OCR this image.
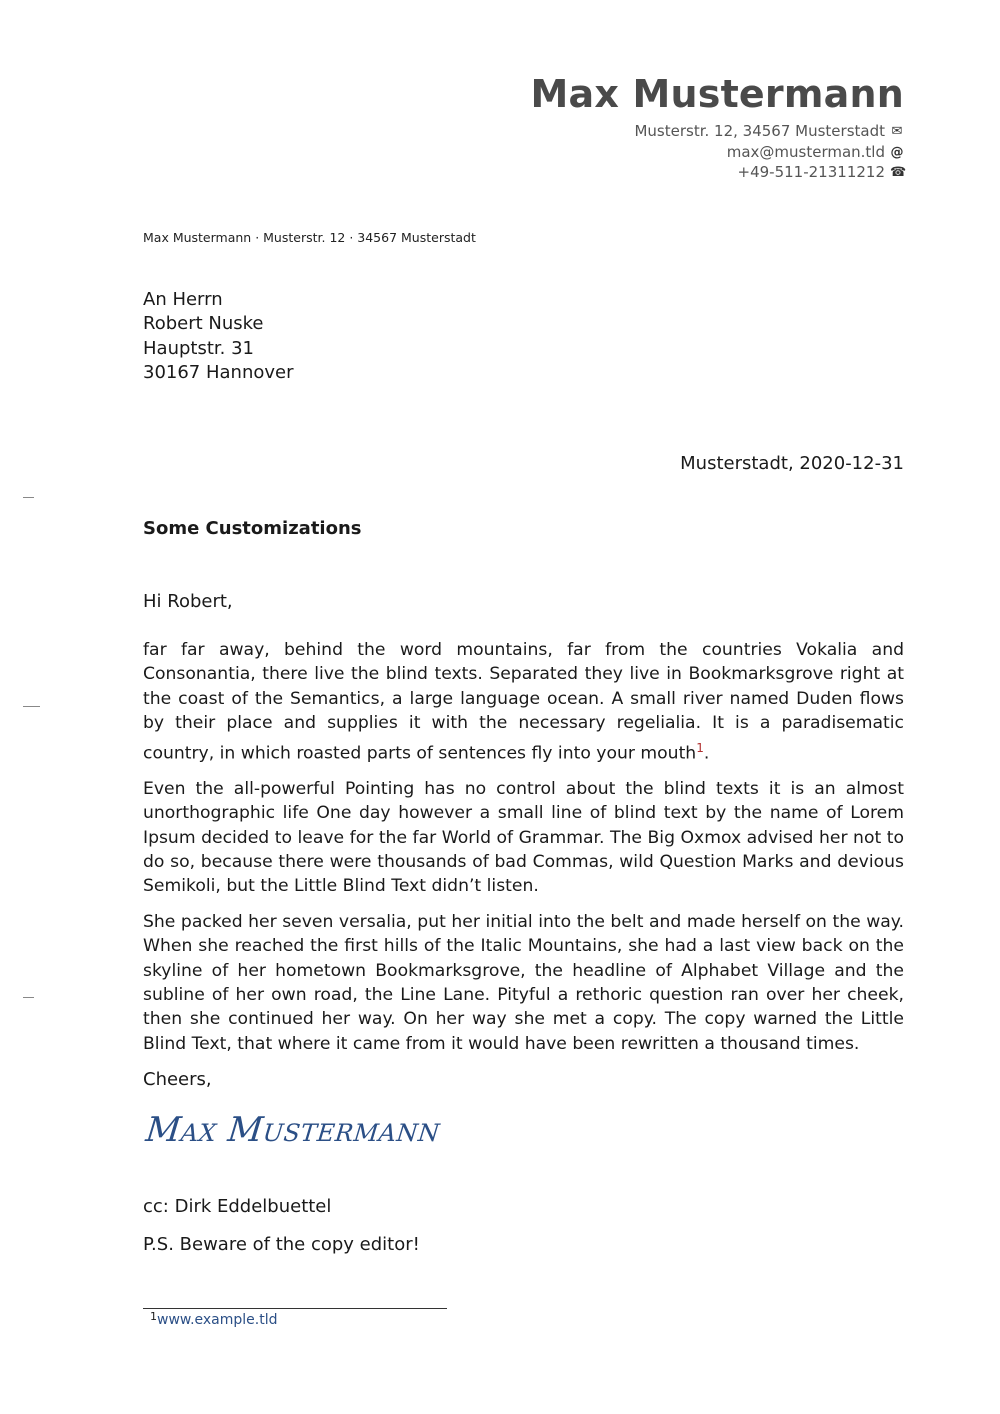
Max Mustermann
Musterstr. 12, 34567 Musterstadt ✉
max@musterman.tld @
+49-511-21311212 ☎
Max Mustermann · Musterstr. 12 · 34567 Musterstadt
An Herrn
Robert Nuske
Hauptstr. 31
30167 Hannover
Musterstadt, 2020-12-31
Some Customizations
Hi Robert,

far far away, behind the word mountains, far from the countries Vokalia and Consonantia, there live the blind texts. Separated they live in Bookmarksgrove right at the coast of the Semantics, a large language ocean. A small river named Duden flows by their place and supplies it with the necessary regelialia. It is a paradisematic country, in which roasted parts of sentences fly into your mouth$^1$.

Even the all-powerful Pointing has no control about the blind texts it is an almost unorthographic life One day however a small line of blind text by the name of Lorem Ipsum decided to leave for the far World of Grammar. The Big Oxmox advised her not to do so, because there were thousands of bad Commas, wild Question Marks and devious Semikoli, but the Little Blind Text didn’t listen.

She packed her seven versalia, put her initial into the belt and made herself on the way. When she reached the first hills of the Italic Mountains, she had a last view back on the skyline of her hometown Bookmarksgrove, the headline of Alphabet Village and the subline of her own road, the Line Lane. Pityful a rethoric question ran over her cheek, then she continued her way. On her way she met a copy. The copy warned the Little Blind Text, that where it came from it would have been rewritten a thousand times.

Cheers,
Max Mustermann
cc: Dirk Eddelbuettel
P.S. Beware of the copy editor!
$^1$www.example.tld
